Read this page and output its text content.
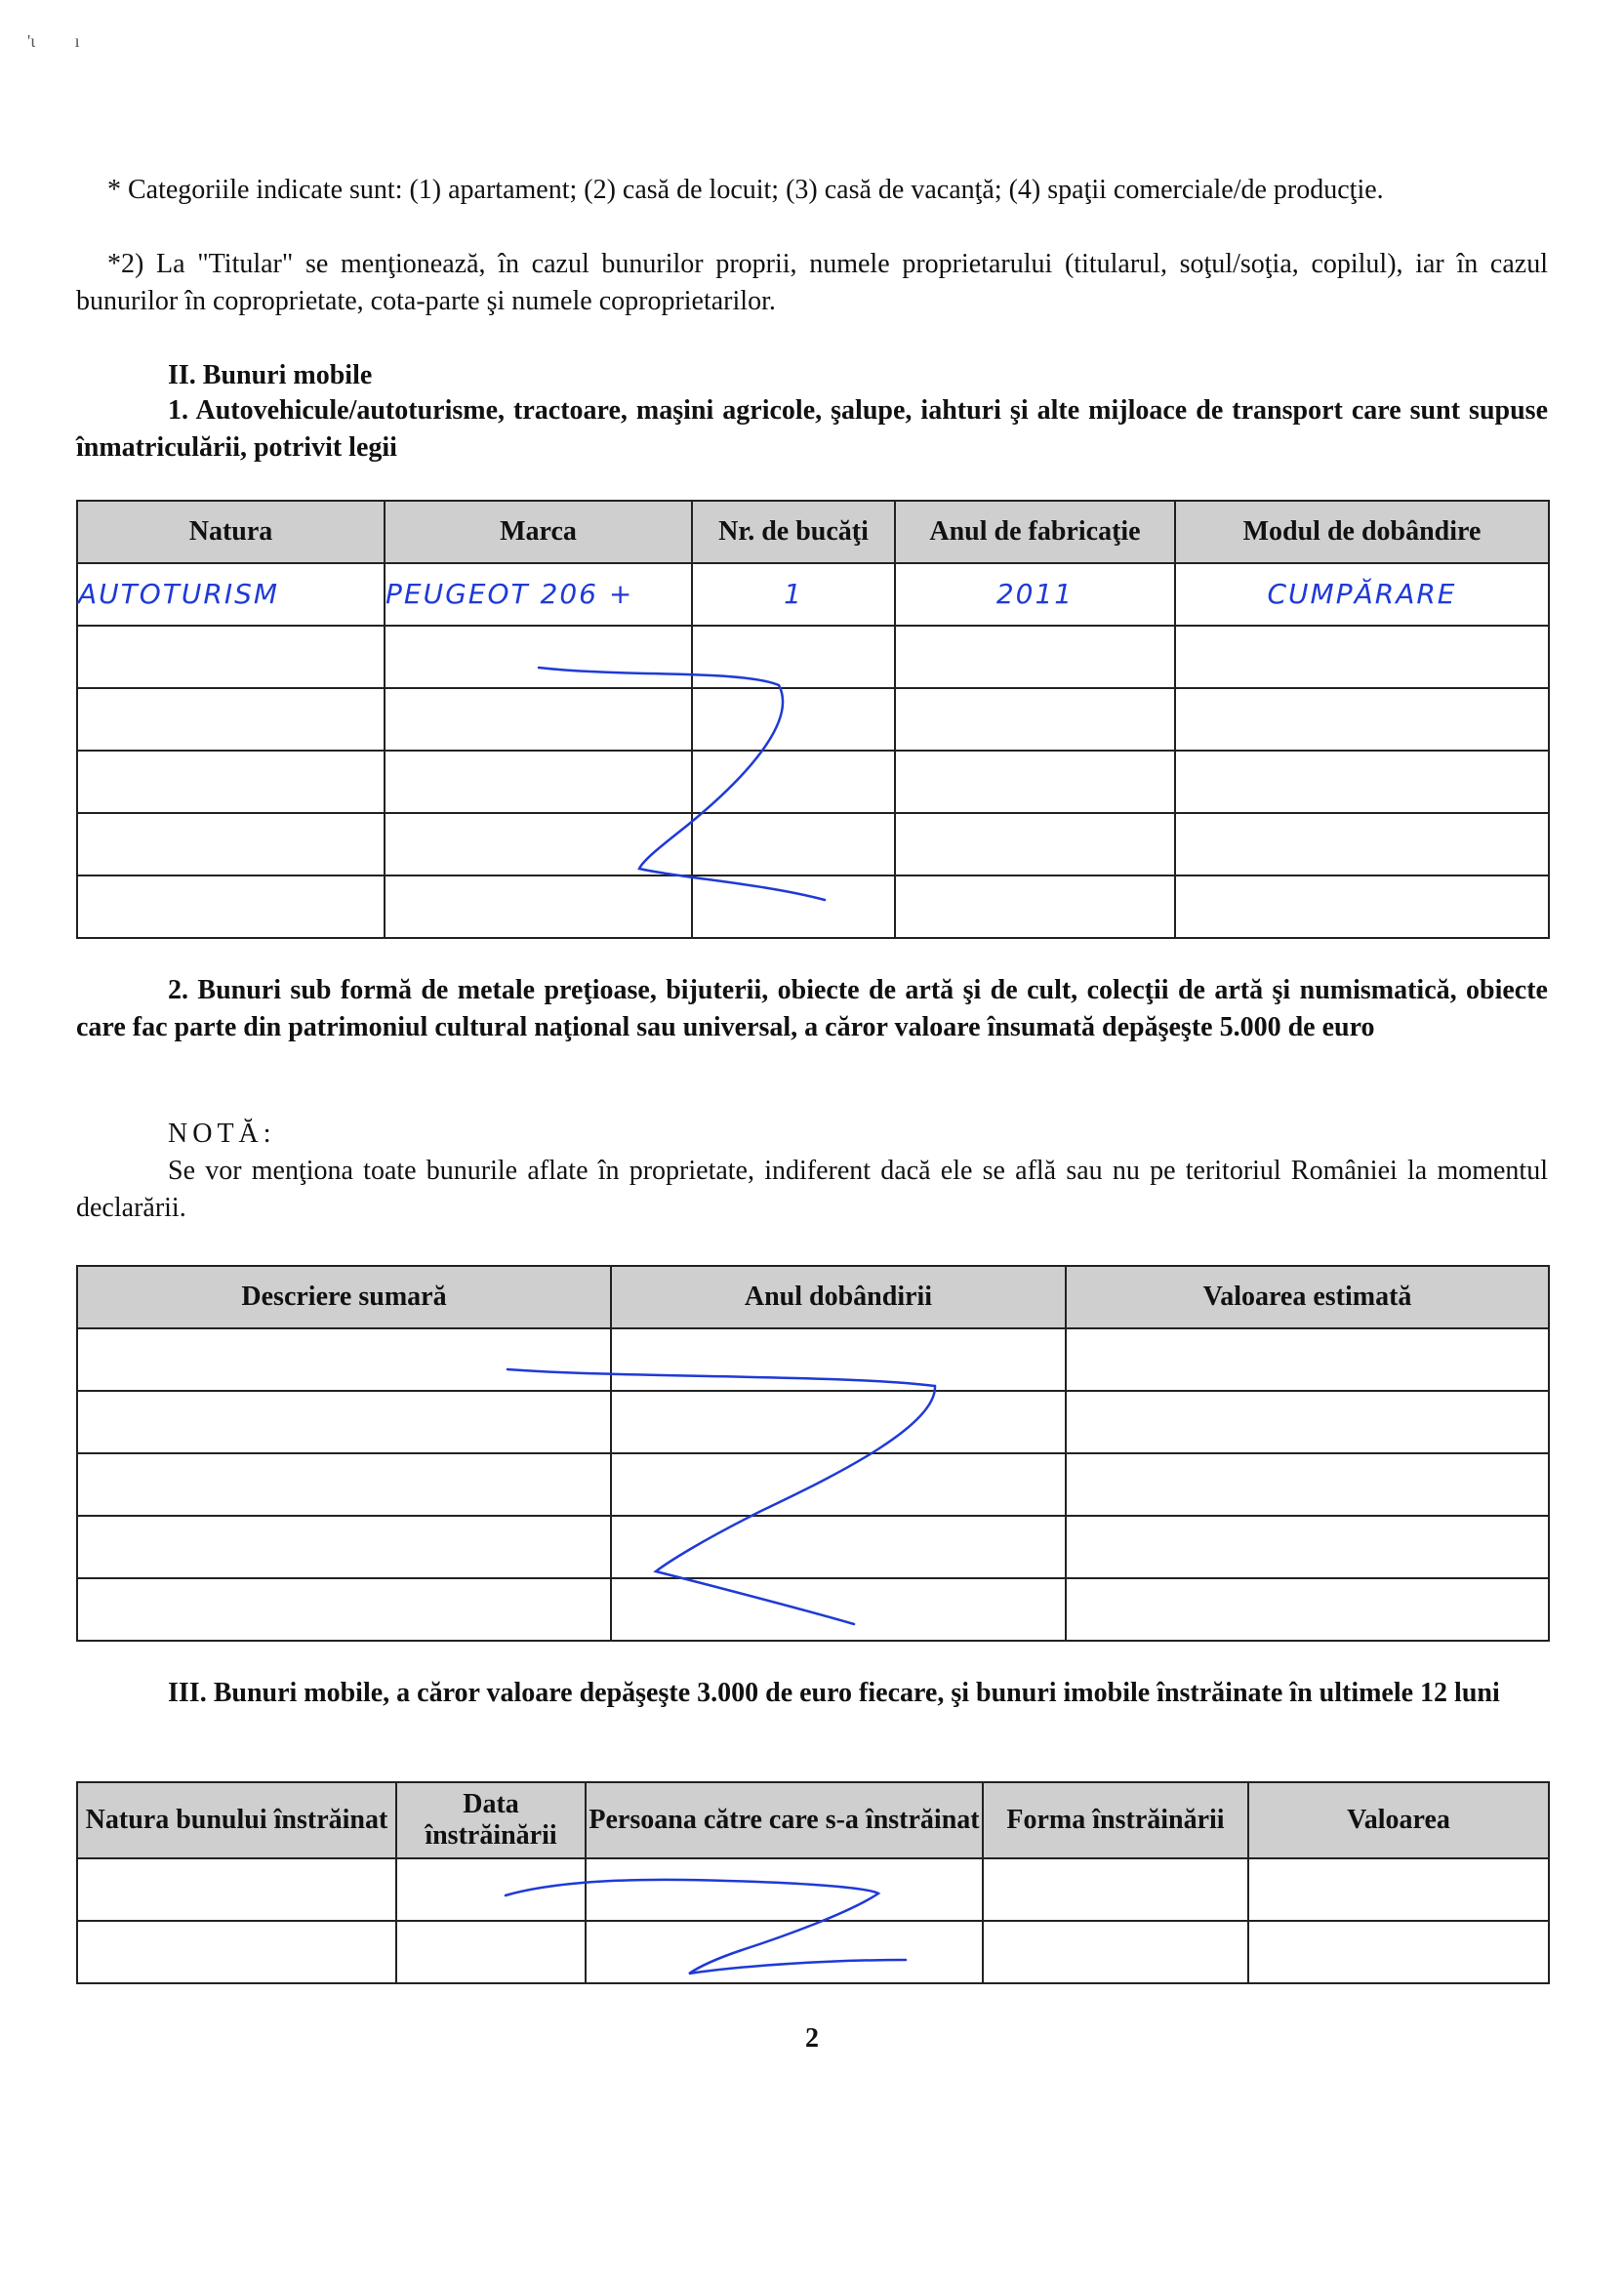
'ι         ı
* Categoriile indicate sunt: (1) apartament; (2) casă de locuit; (3) casă de vacanţă; (4) spaţii comerciale/de producţie.
*2) La "Titular" se menţionează, în cazul bunurilor proprii, numele proprietarului (titularul, soţul/soţia, copilul), iar în cazul bunurilor în coproprietate, cota-parte şi numele coproprietarilor.
II. Bunuri mobile
1. Autovehicule/autoturisme, tractoare, maşini agricole, şalupe, iahturi şi alte mijloace de transport care sunt supuse înmatriculării, potrivit legii
Natura	Marca	Nr. de bucăţi	Anul de fabricaţie	Modul de dobândire
AUTOTURISM	PEUGEOT 206 +	1	2011	CUMPĂRARE

2. Bunuri sub formă de metale preţioase, bijuterii, obiecte de artă şi de cult, colecţii de artă şi numismatică, obiecte care fac parte din patrimoniul cultural naţional sau universal, a căror valoare însumată depăşeşte 5.000 de euro
NOTĂ:
Se vor menţiona toate bunurile aflate în proprietate, indiferent dacă ele se află sau nu pe teritoriul României la momentul declarării.
Descriere sumară	Anul dobândirii	Valoarea estimată

III. Bunuri mobile, a căror valoare depăşeşte 3.000 de euro fiecare, şi bunuri imobile înstrăinate în ultimele 12 luni
Natura bunului înstrăinat	Data înstrăinării	Persoana către care s-a înstrăinat	Forma înstrăinării	Valoarea

2
